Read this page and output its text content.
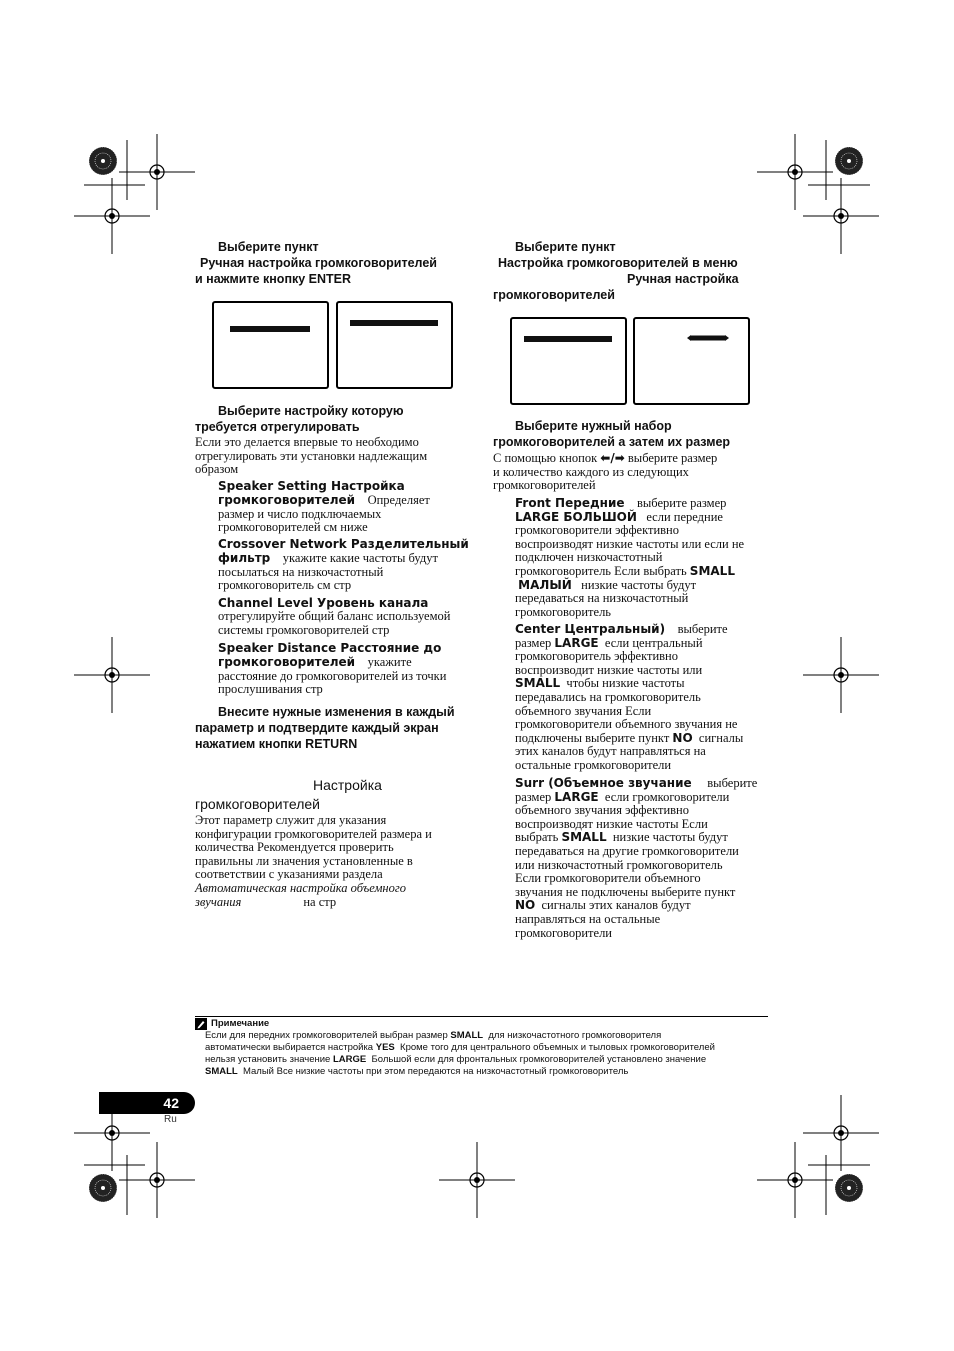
Выберите пункт
Ручная настройка громкоговорителей
и нажмите кнопку ENTER
Выберите настройку которую
требуется отрегулировать
Если это делается впервые то необходимо
отрегулировать эти установки надлежащим
образом
Speaker Setting Настройка
громкоговорителей Определяет
размер и число подключаемых
громкоговорителей см ниже
Crossover Network Разделительный
фильтр укажите какие частоты будут
посылаться на низкочастотный
громкоговоритель см стр
Channel Level Уровень канала
отрегулируйте общий баланс используемой
системы громкоговорителей стр
Speaker Distance Расстояние до
громкоговорителей укажите
расстояние до громкоговорителей из точки
прослушивания стр
Внесите нужные изменения в каждый
параметр и подтвердите каждый экран
нажатием кнопки RETURN
Настройка
громкоговорителей
Этот параметр служит для указания
конфигурации громкоговорителей размера и
количества Рекомендуется проверить
правильны ли значения установленные в
соответствии с указаниями раздела
Автоматическая настройка объемного
звучания	на стр
Выберите пункт
Настройка громкоговорителей в меню
Ручная настройка
громкоговорителей
Выберите нужный набор
громкоговорителей а затем их размер
С помощью кнопок ⬅/➡ выберите размер
и количество каждого из следующих
громкоговорителей
Front Передние выберите размер
LARGE БОЛЬШОЙ если передние
громкоговорители эффективно
воспроизводят низкие частоты или если не
подключен низкочастотный
громкоговоритель Если выбрать SMALL
МАЛЫЙ низкие частоты будут
передаваться на низкочастотный
громкоговоритель
Center Центральный) выберите
размер LARGE если центральный
громкоговоритель эффективно
воспроизводит низкие частоты или
SMALL чтобы низкие частоты
передавались на громкоговоритель
объемного звучания Если
громкоговорители объемного звучания не
подключены выберите пункт NO сигналы
этих каналов будут направляться на
остальные громкоговорители
Surr (Объемное звучание выберите
размер LARGE если громкоговорители
объемного звучания эффективно
воспроизводят низкие частоты Если
выбрать SMALL низкие частоты будут
передаваться на другие громкоговорители
или низкочастотный громкоговоритель
Если громкоговорители объемного
звучания не подключены выберите пункт
NO сигналы этих каналов будут
направляться на остальные
громкоговорители
Примечание
Если для передних громкоговорителей выбран размер SMALL для низкочастотного громкоговорителя
автоматически выбирается настройка YES Кроме того для центрального объемных и тыловых громкоговорителей
нельзя установить значение LARGE Большой если для фронтальных громкоговорителей установлено значение
SMALL Малый Все низкие частоты при этом передаются на низкочастотный громкоговоритель
42
Ru
